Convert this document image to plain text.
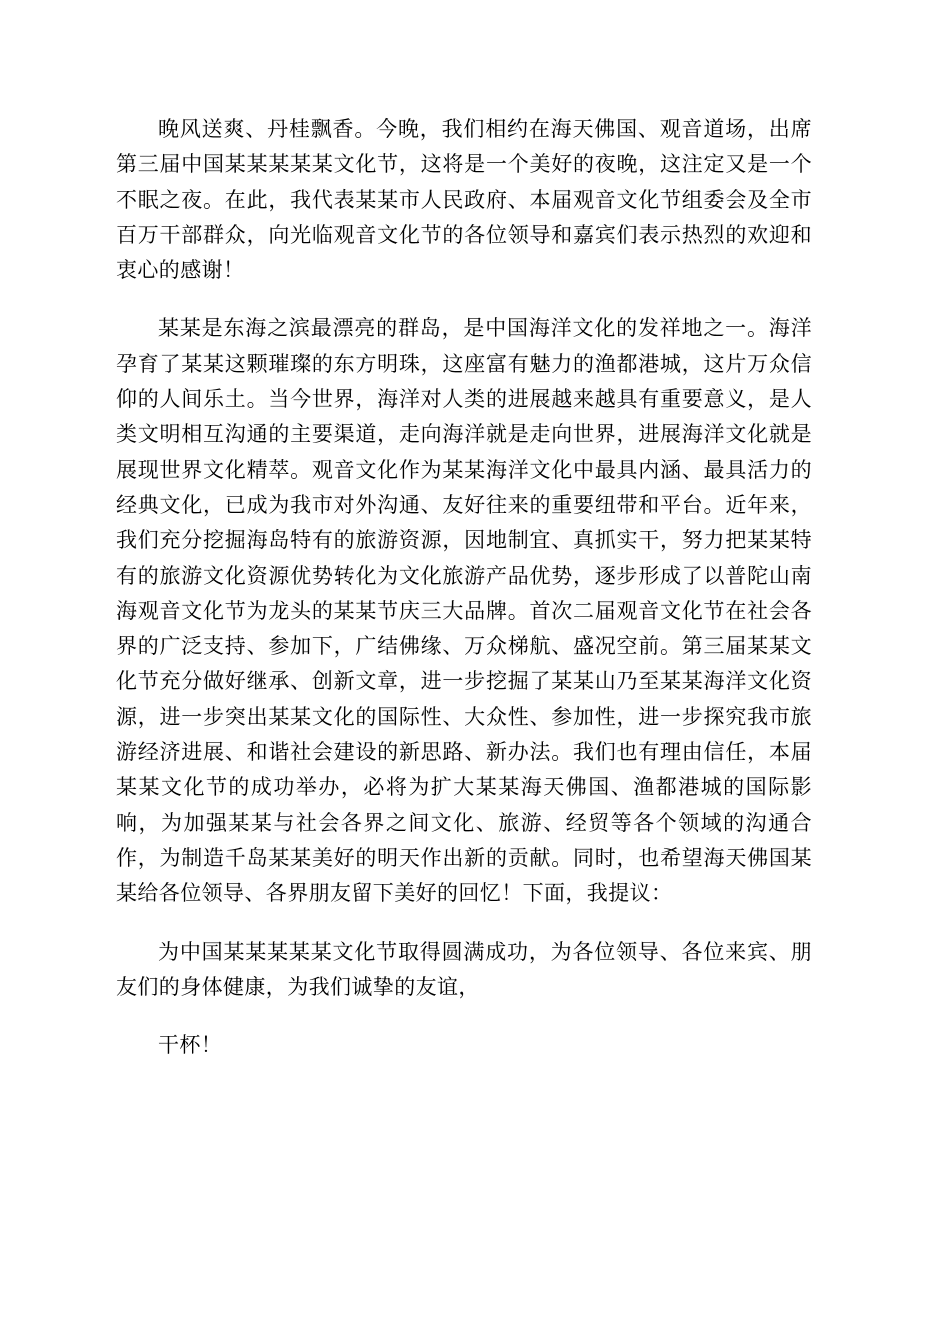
晚风送爽、丹桂飘香。今晚，我们相约在海天佛国、观音道场，出席第三届中国某某某某某文化节，这将是一个美好的夜晚，这注定又是一个不眠之夜。在此，我代表某某市人民政府、本届观音文化节组委会及全市百万干部群众，向光临观音文化节的各位领导和嘉宾们表示热烈的欢迎和衷心的感谢！

某某是东海之滨最漂亮的群岛，是中国海洋文化的发祥地之一。海洋孕育了某某这颗璀璨的东方明珠，这座富有魅力的渔都港城，这片万众信仰的人间乐土。当今世界，海洋对人类的进展越来越具有重要意义，是人类文明相互沟通的主要渠道，走向海洋就是走向世界，进展海洋文化就是展现世界文化精萃。观音文化作为某某海洋文化中最具内涵、最具活力的经典文化，已成为我市对外沟通、友好往来的重要纽带和平台。近年来，我们充分挖掘海岛特有的旅游资源，因地制宜、真抓实干，努力把某某特有的旅游文化资源优势转化为文化旅游产品优势，逐步形成了以普陀山南海观音文化节为龙头的某某节庆三大品牌。首次二届观音文化节在社会各界的广泛支持、参加下，广结佛缘、万众梯航、盛况空前。第三届某某文化节充分做好继承、创新文章，进一步挖掘了某某山乃至某某海洋文化资源，进一步突出某某文化的国际性、大众性、参加性，进一步探究我市旅游经济进展、和谐社会建设的新思路、新办法。我们也有理由信任，本届某某文化节的成功举办，必将为扩大某某海天佛国、渔都港城的国际影响，为加强某某与社会各界之间文化、旅游、经贸等各个领域的沟通合作，为制造千岛某某美好的明天作出新的贡献。同时，也希望海天佛国某某给各位领导、各界朋友留下美好的回忆！下面，我提议：

为中国某某某某某文化节取得圆满成功，为各位领导、各位来宾、朋友们的身体健康，为我们诚挚的友谊，

干杯！
